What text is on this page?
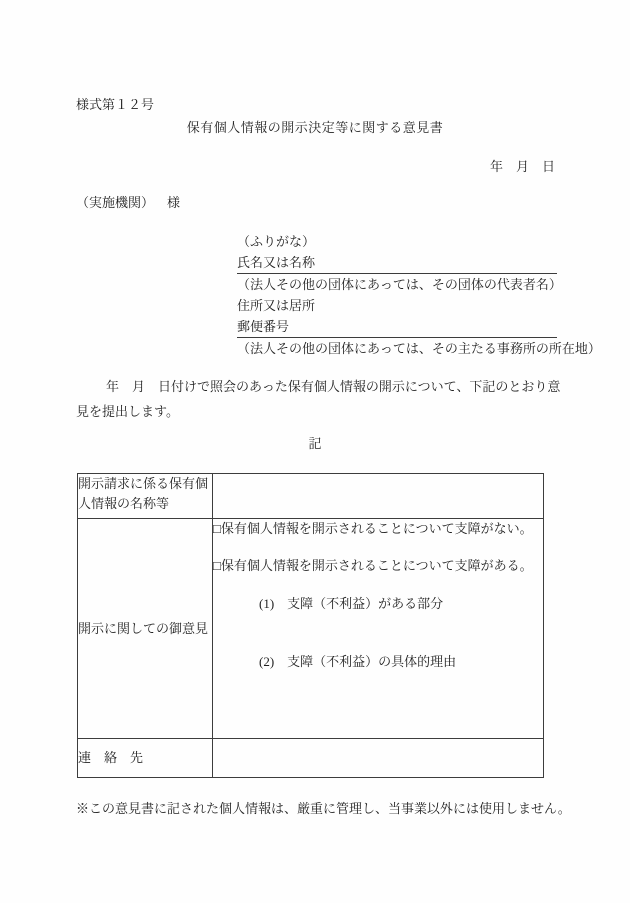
様式第１２号
保有個人情報の開示決定等に関する意見書
年　月　日
（実施機関） 様
（ふりがな）
氏名又は名称
（法人その他の団体にあっては、その団体の代表者名）
住所又は居所
郵便番号
（法人その他の団体にあっては、その主たる事務所の所在地）
年　月　日付けで照会のあった保有個人情報の開示について、下記のとおり意見を提出します。
記
開示請求に係る保有個人情報の名称等	
開示に関しての御意見	□保有個人情報を開示されることについて支障がない。
□保有個人情報を開示されることについて支障がある。
(1)　支障（不利益）がある部分
(2)　支障（不利益）の具体的理由

連　絡　先	
※この意見書に記された個人情報は、厳重に管理し、当事業以外には使用しません。
